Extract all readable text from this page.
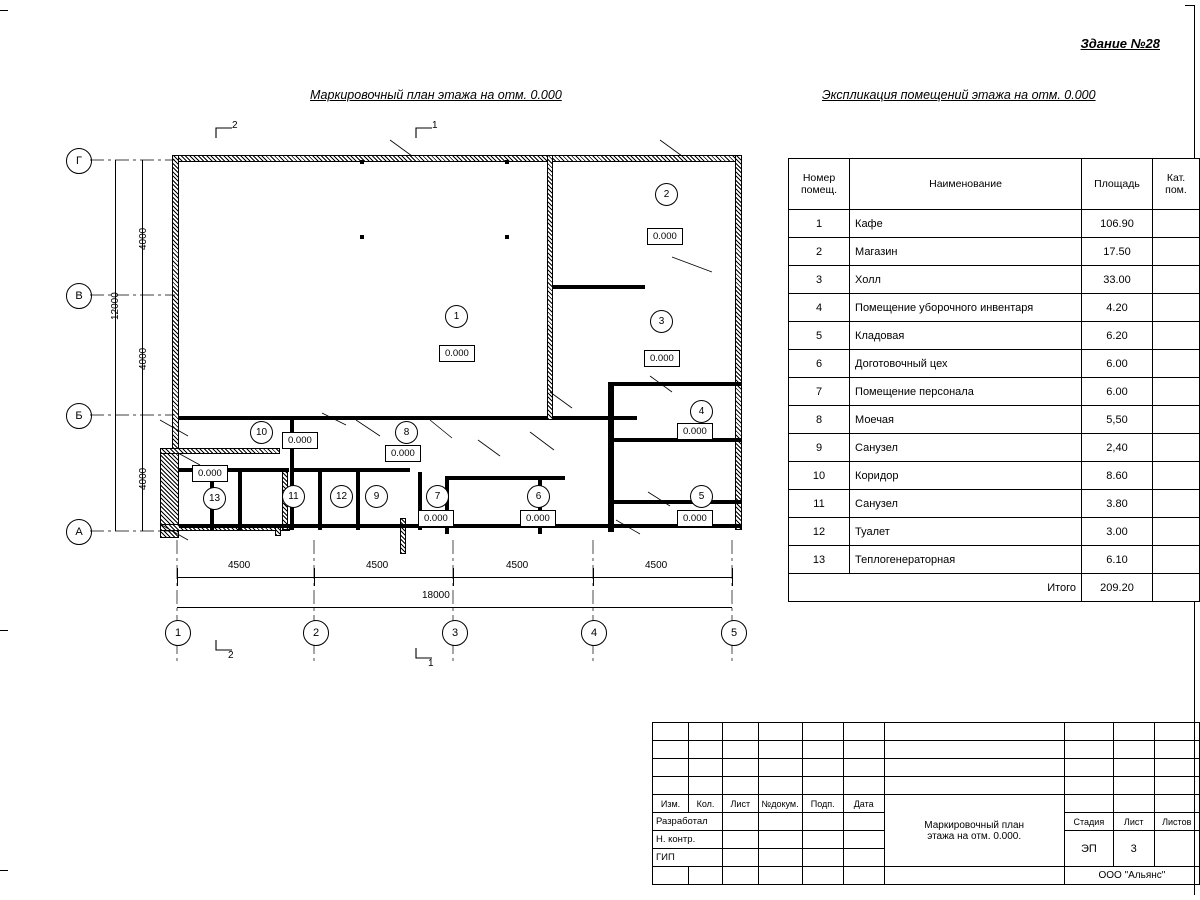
Здание №28
Маркировочный план этажа на отм. 0.000	Экспликация помещений этажа на отм. 0.000
Номер помещ.	Наименование	Площадь	Кат. пом.
1	Кафе	106.90	
2	Магазин	17.50	
3	Холл	33.00	
4	Помещение уборочного инвентаря	4.20	
5	Кладовая	6.20	
6	Доготовочный цех	6.00	
7	Помещение персонала	6.00	
8	Моечая	5,50	
9	Санузел	2,40	
10	Коридор	8.60	
11	Санузел	3.80	
12	Туалет	3.00	
13	Теплогенераторная	6.10	
Итого		209.20	
1
2
3
4
5
6
7
8
9
10
11	12
13
0.000
0.000
0.000
0.000
0.000
0.000
0.000
0.000
0.000
0.000
Г
В
Б
А
12000
4000
4000
4000
4500	4500	4500	4500
18000
1	2	3	4	5
2	1
2
1

Изм.	Кол.	Лист	№докум.	Подп.	Дата	Маркировочный план
этажа на отм. 0.000.			

Разработал							Стадия	Лист	Листов
Н. контр.							ЭП	3	
ГИП									
							ООО "Альянс"		
